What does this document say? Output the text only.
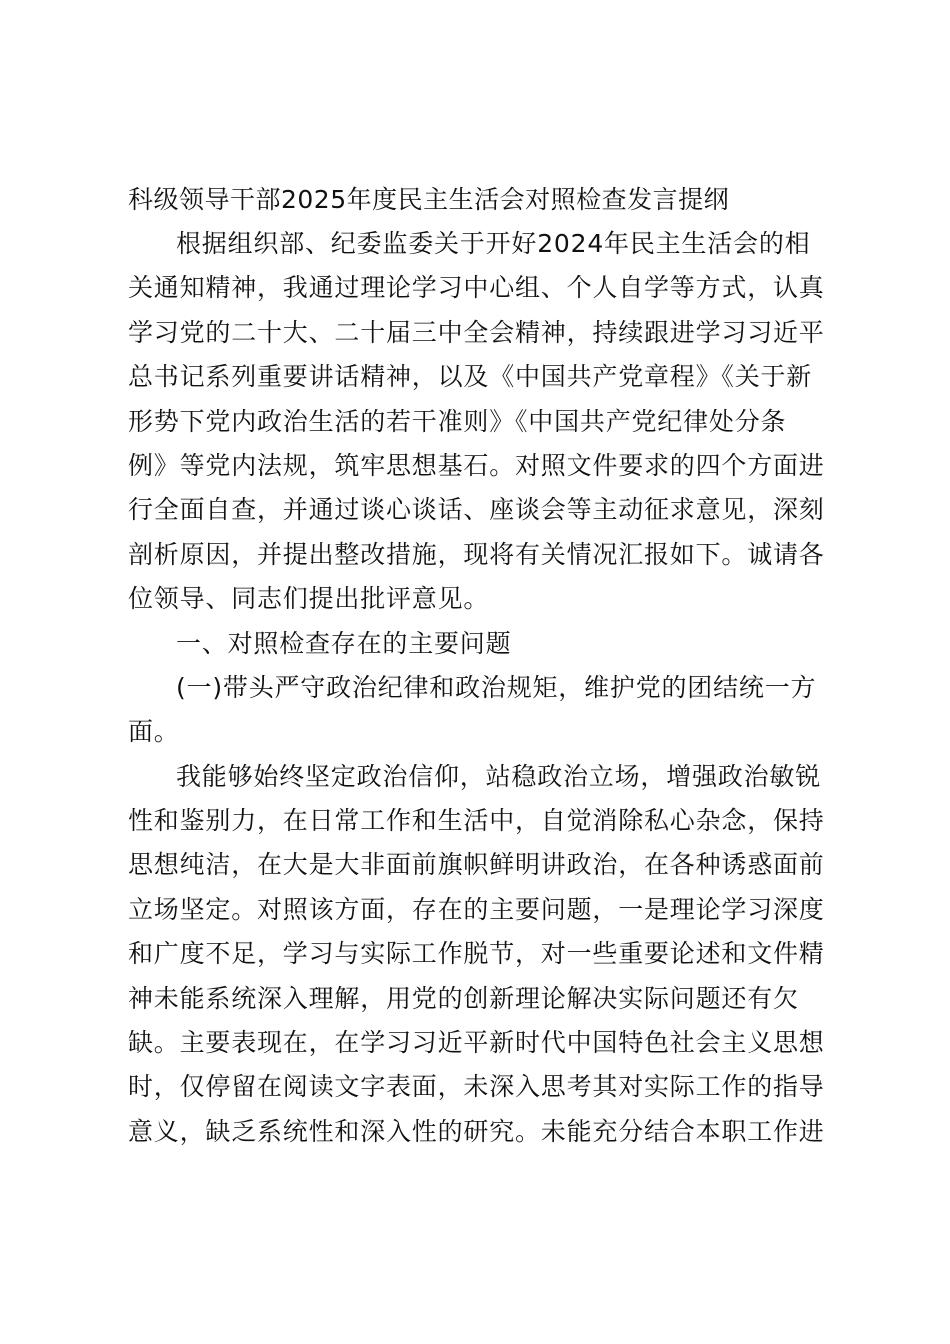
科级领导干部2025年度民主生活会对照检查发言提纲
根据组织部、纪委监委关于开好2024年民主生活会的相
关通知精神，我通过理论学习中心组、个人自学等方式，认真
学习党的二十大、二十届三中全会精神，持续跟进学习习近平
总书记系列重要讲话精神，以及《中国共产党章程》《关于新
形势下党内政治生活的若干准则》《中国共产党纪律处分条
例》等党内法规，筑牢思想基石。对照文件要求的四个方面进
行全面自查，并通过谈心谈话、座谈会等主动征求意见，深刻
剖析原因，并提出整改措施，现将有关情况汇报如下。诚请各
位领导、同志们提出批评意见。
一、对照检查存在的主要问题
(一)带头严守政治纪律和政治规矩，维护党的团结统一方
面。
我能够始终坚定政治信仰，站稳政治立场，增强政治敏锐
性和鉴别力，在日常工作和生活中，自觉消除私心杂念，保持
思想纯洁，在大是大非面前旗帜鲜明讲政治，在各种诱惑面前
立场坚定。对照该方面，存在的主要问题，一是理论学习深度
和广度不足，学习与实际工作脱节，对一些重要论述和文件精
神未能系统深入理解，用党的创新理论解决实际问题还有欠
缺。主要表现在，在学习习近平新时代中国特色社会主义思想
时，仅停留在阅读文字表面，未深入思考其对实际工作的指导
意义，缺乏系统性和深入性的研究。未能充分结合本职工作进
